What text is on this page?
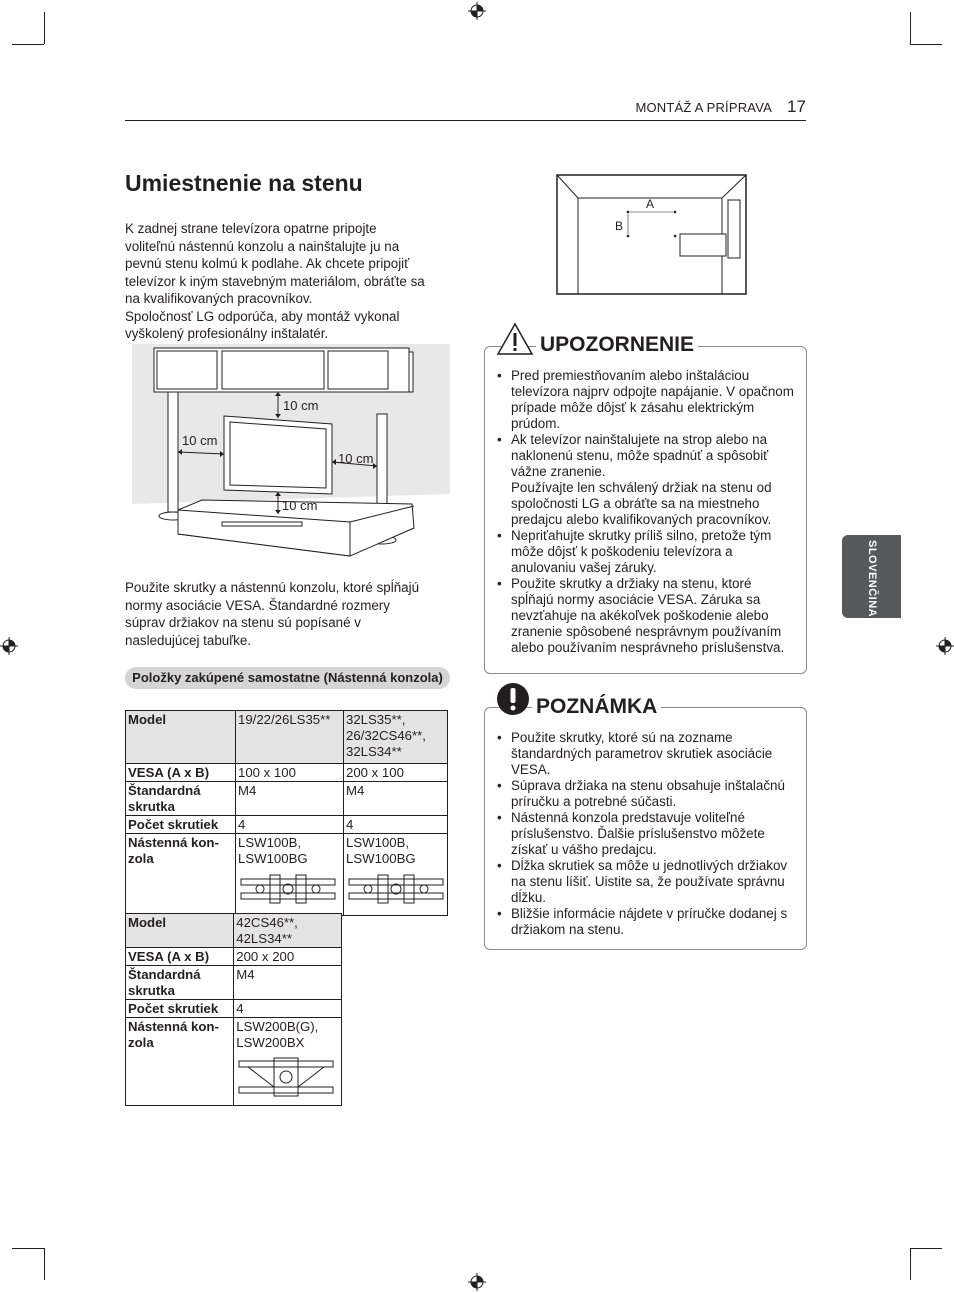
MONTÁŽ A PRÍPRAVA 17
SLOVENČINA
Umiestnenie na stenu
K zadnej strane televízora opatrne pripojte
voliteľnú nástennú konzolu a nainštalujte ju na
pevnú stenu kolmú k podlahe. Ak chcete pripojiť
televízor k iným stavebným materiálom, obráťte sa
na kvalifikovaných pracovníkov.
Spoločnosť LG odporúča, aby montáž vykonal
vyškolený profesionálny inštalatér.
10 cm
10 cm
10 cm
10 cm
Použite skrutky a nástennú konzolu, ktoré spĺňajú
normy asociácie VESA. Štandardné rozmery
súprav držiakov na stenu sú popísané v
nasledujúcej tabuľke.
Položky zakúpené samostatne (Nástenná konzola)
Model	19/22/26LS35**	32LS35**,
26/32CS46**,
32LS34**
VESA (A x B)	100 x 100	200 x 100
Štandardná
skrutka	M4	M4
Počet skrutiek	4	4
Nástenná kon-
zola	LSW100B,
LSW100BG	LSW100B,
LSW100BG
Model	42CS46**,
42LS34**
VESA (A x B)	200 x 200
Štandardná
skrutka	M4
Počet skrutiek	4
Nástenná kon-
zola	LSW200B(G),
LSW200BX
A
B
UPOZORNENIE
• Pred premiestňovaním alebo inštaláciou televízora najprv odpojte napájanie. V opačnom prípade môže dôjsť k zásahu elektrickým prúdom.
• Ak televízor nainštalujete na strop alebo na naklonenú stenu, môže spadnúť a spôsobiť vážne zranenie.
Používajte len schválený držiak na stenu od spoločnosti LG a obráťte sa na miestneho predajcu alebo kvalifikovaných pracovníkov.
• Nepriťahujte skrutky príliš silno, pretože tým môže dôjsť k poškodeniu televízora a anulovaniu vašej záruky.
• Použite skrutky a držiaky na stenu, ktoré spĺňajú normy asociácie VESA. Záruka sa nevzťahuje na akékoľvek poškodenie alebo zranenie spôsobené nesprávnym používaním alebo používaním nesprávneho príslušenstva.
POZNÁMKA
• Použite skrutky, ktoré sú na zozname štandardných parametrov skrutiek asociácie VESA.
• Súprava držiaka na stenu obsahuje inštalačnú príručku a potrebné súčasti.
• Nástenná konzola predstavuje voliteľné príslušenstvo. Ďalšie príslušenstvo môžete získať u vášho predajcu.
• Dĺžka skrutiek sa môže u jednotlivých držiakov na stenu líšiť. Uistite sa, že používate správnu dĺžku.
• Bližšie informácie nájdete v príručke dodanej s držiakom na stenu.
